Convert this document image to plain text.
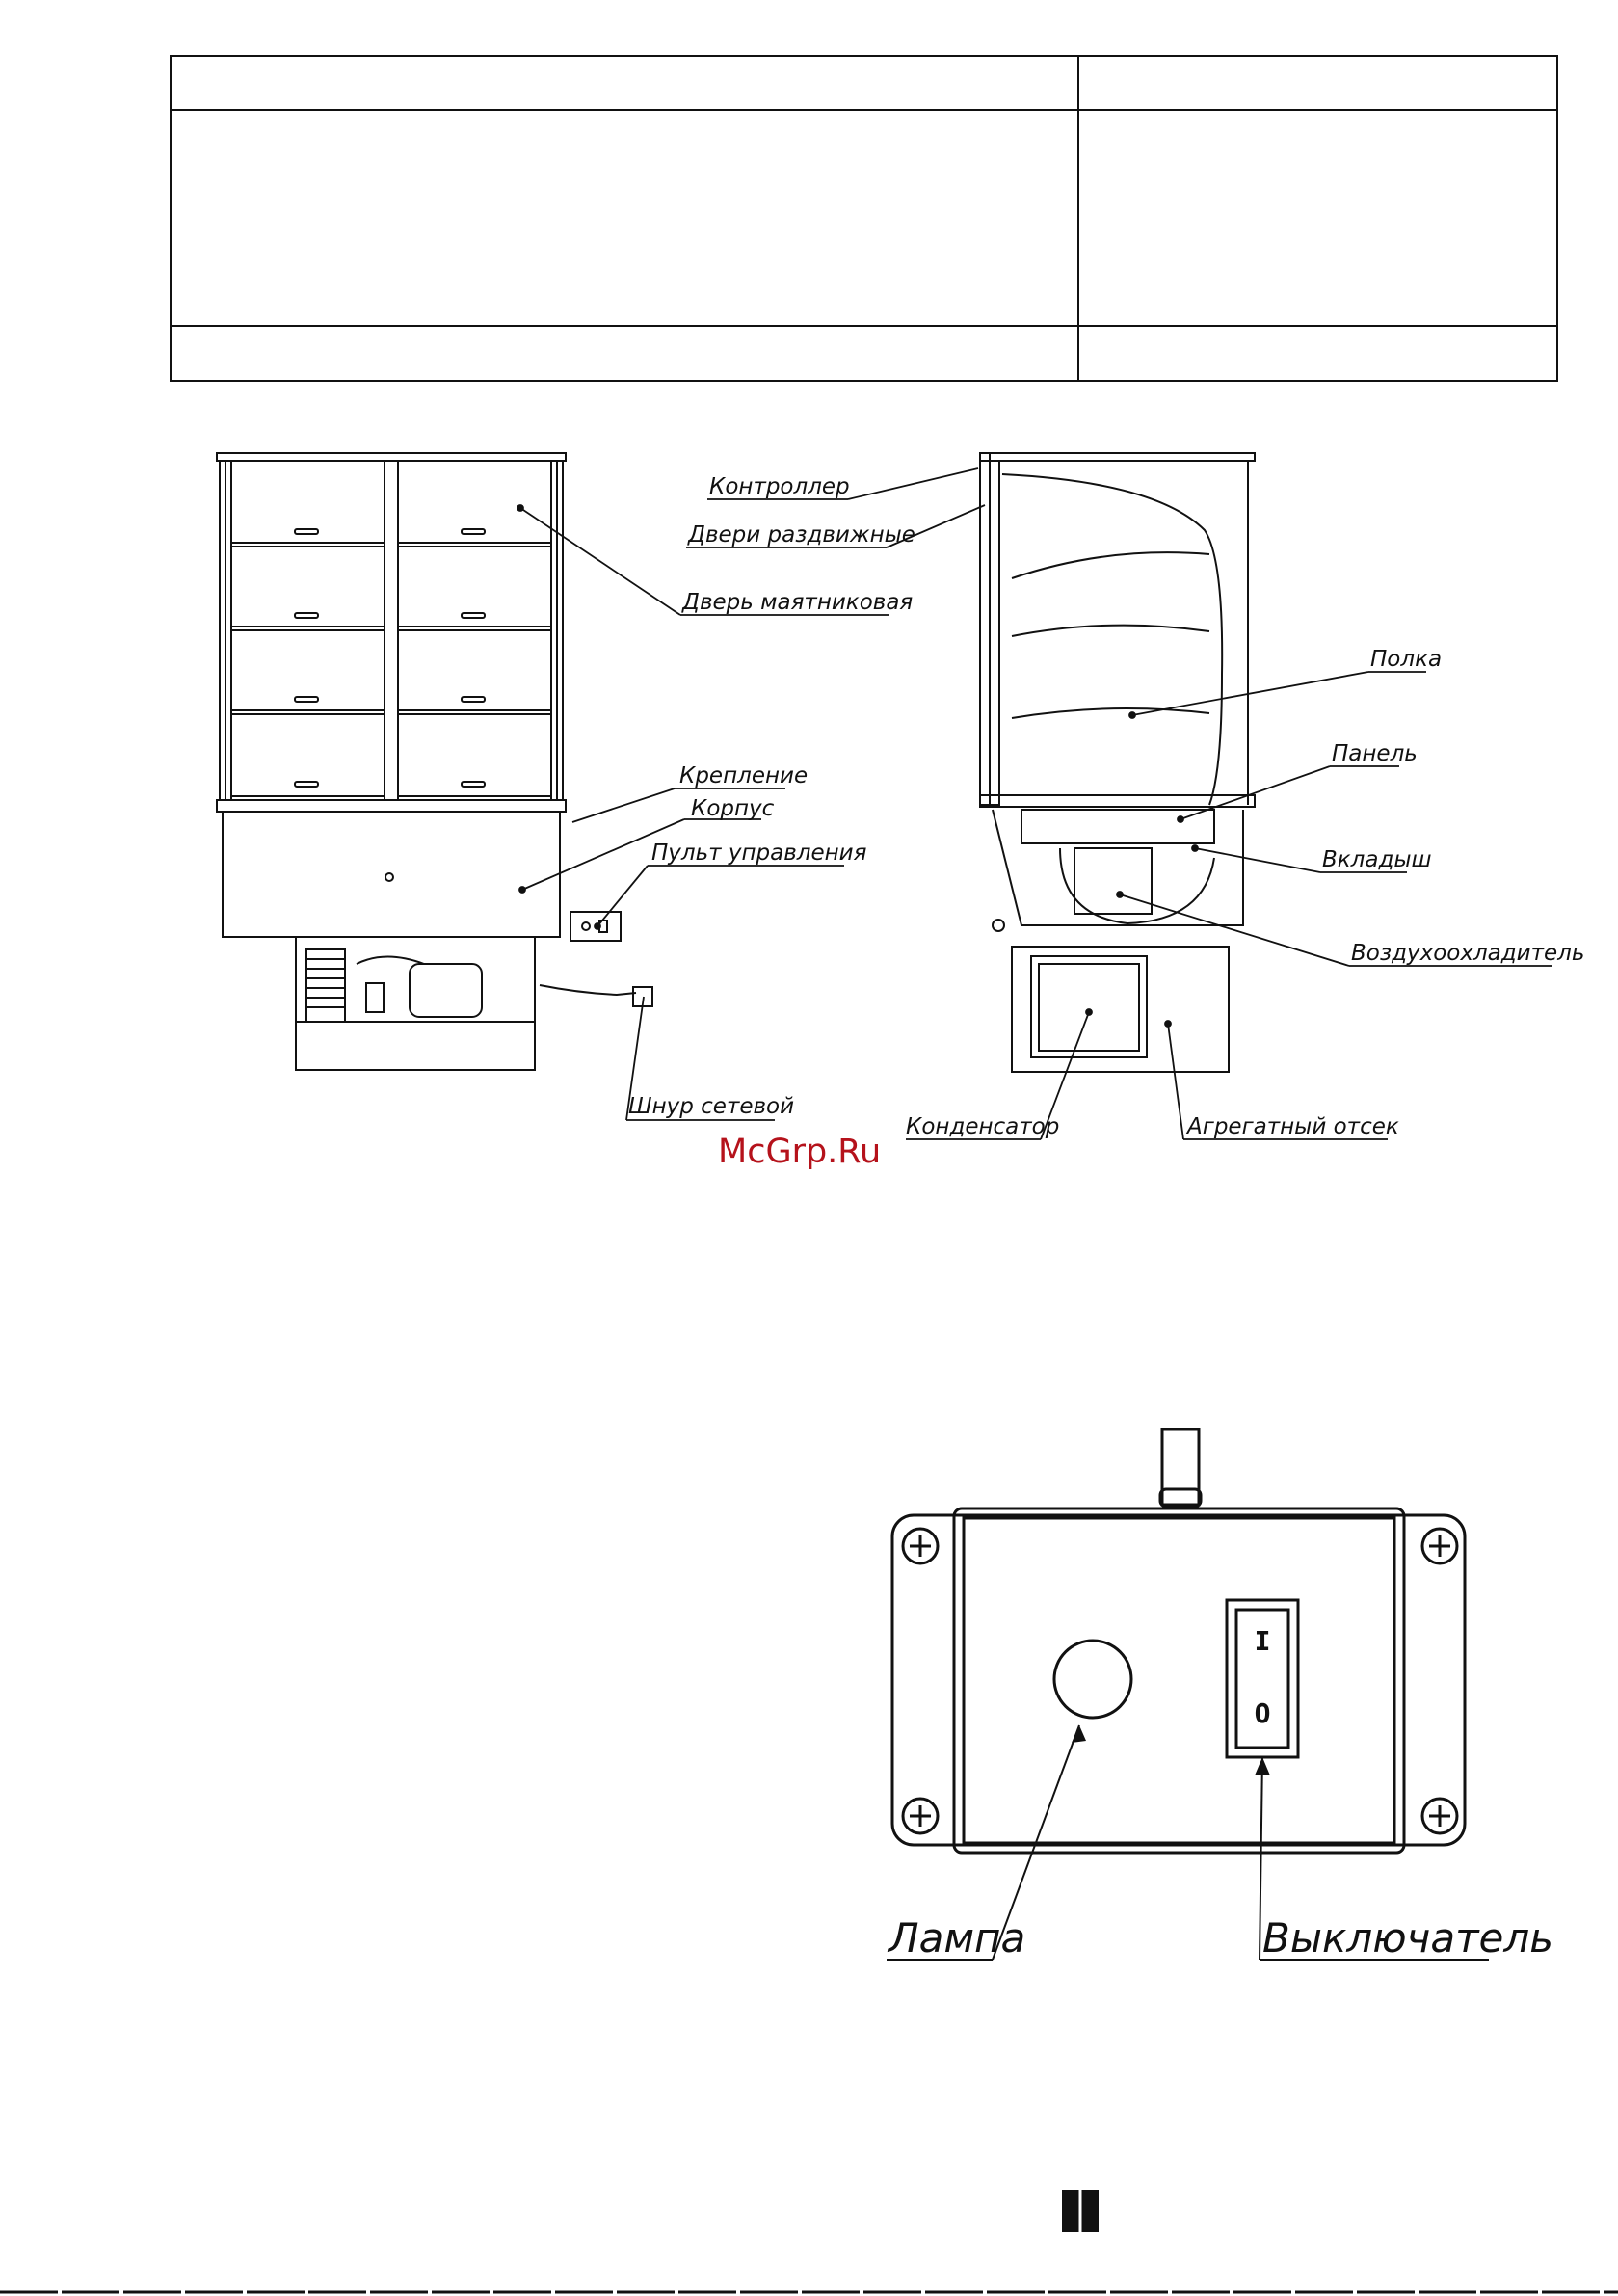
Дверь маятниковая
Крепление
Корпус
Пульт управления
Шнур сетевой
Контроллер
Двери раздвижные
Полка
Панель
Вкладыш
Воздухоохладитель
Конденсатор	Агрегатный отсек
McGrp.Ru
I
O
Лампа	Выключатель
